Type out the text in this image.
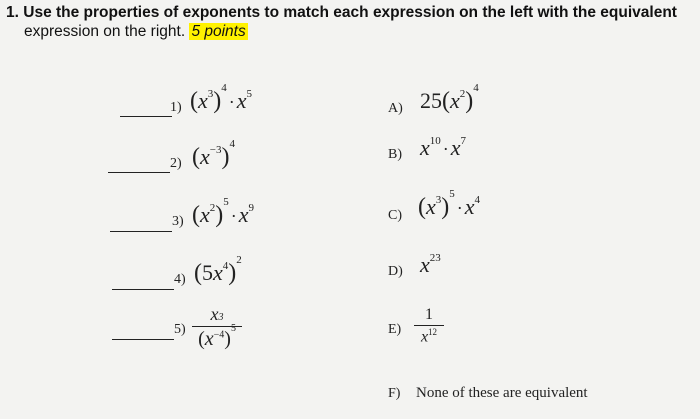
1. Use the properties of exponents to match each expression on the left with the equivalent
expression on the right. 5 points
1) $(x^3)^4\cdot x^5$
2) $(x^{-3})^4$
3) $(x^2)^5\cdot x^9$
4) $(5x^4)^2$
5)
x3
$(x^{-4})^5$
A) $25(x^2)^4$
B) $x^{10} \cdot x^7$
C) $(x^3)^5\cdot x^4$
D) $x^{23}$
E)
1
$x^{12}$
F) None of these are equivalent
